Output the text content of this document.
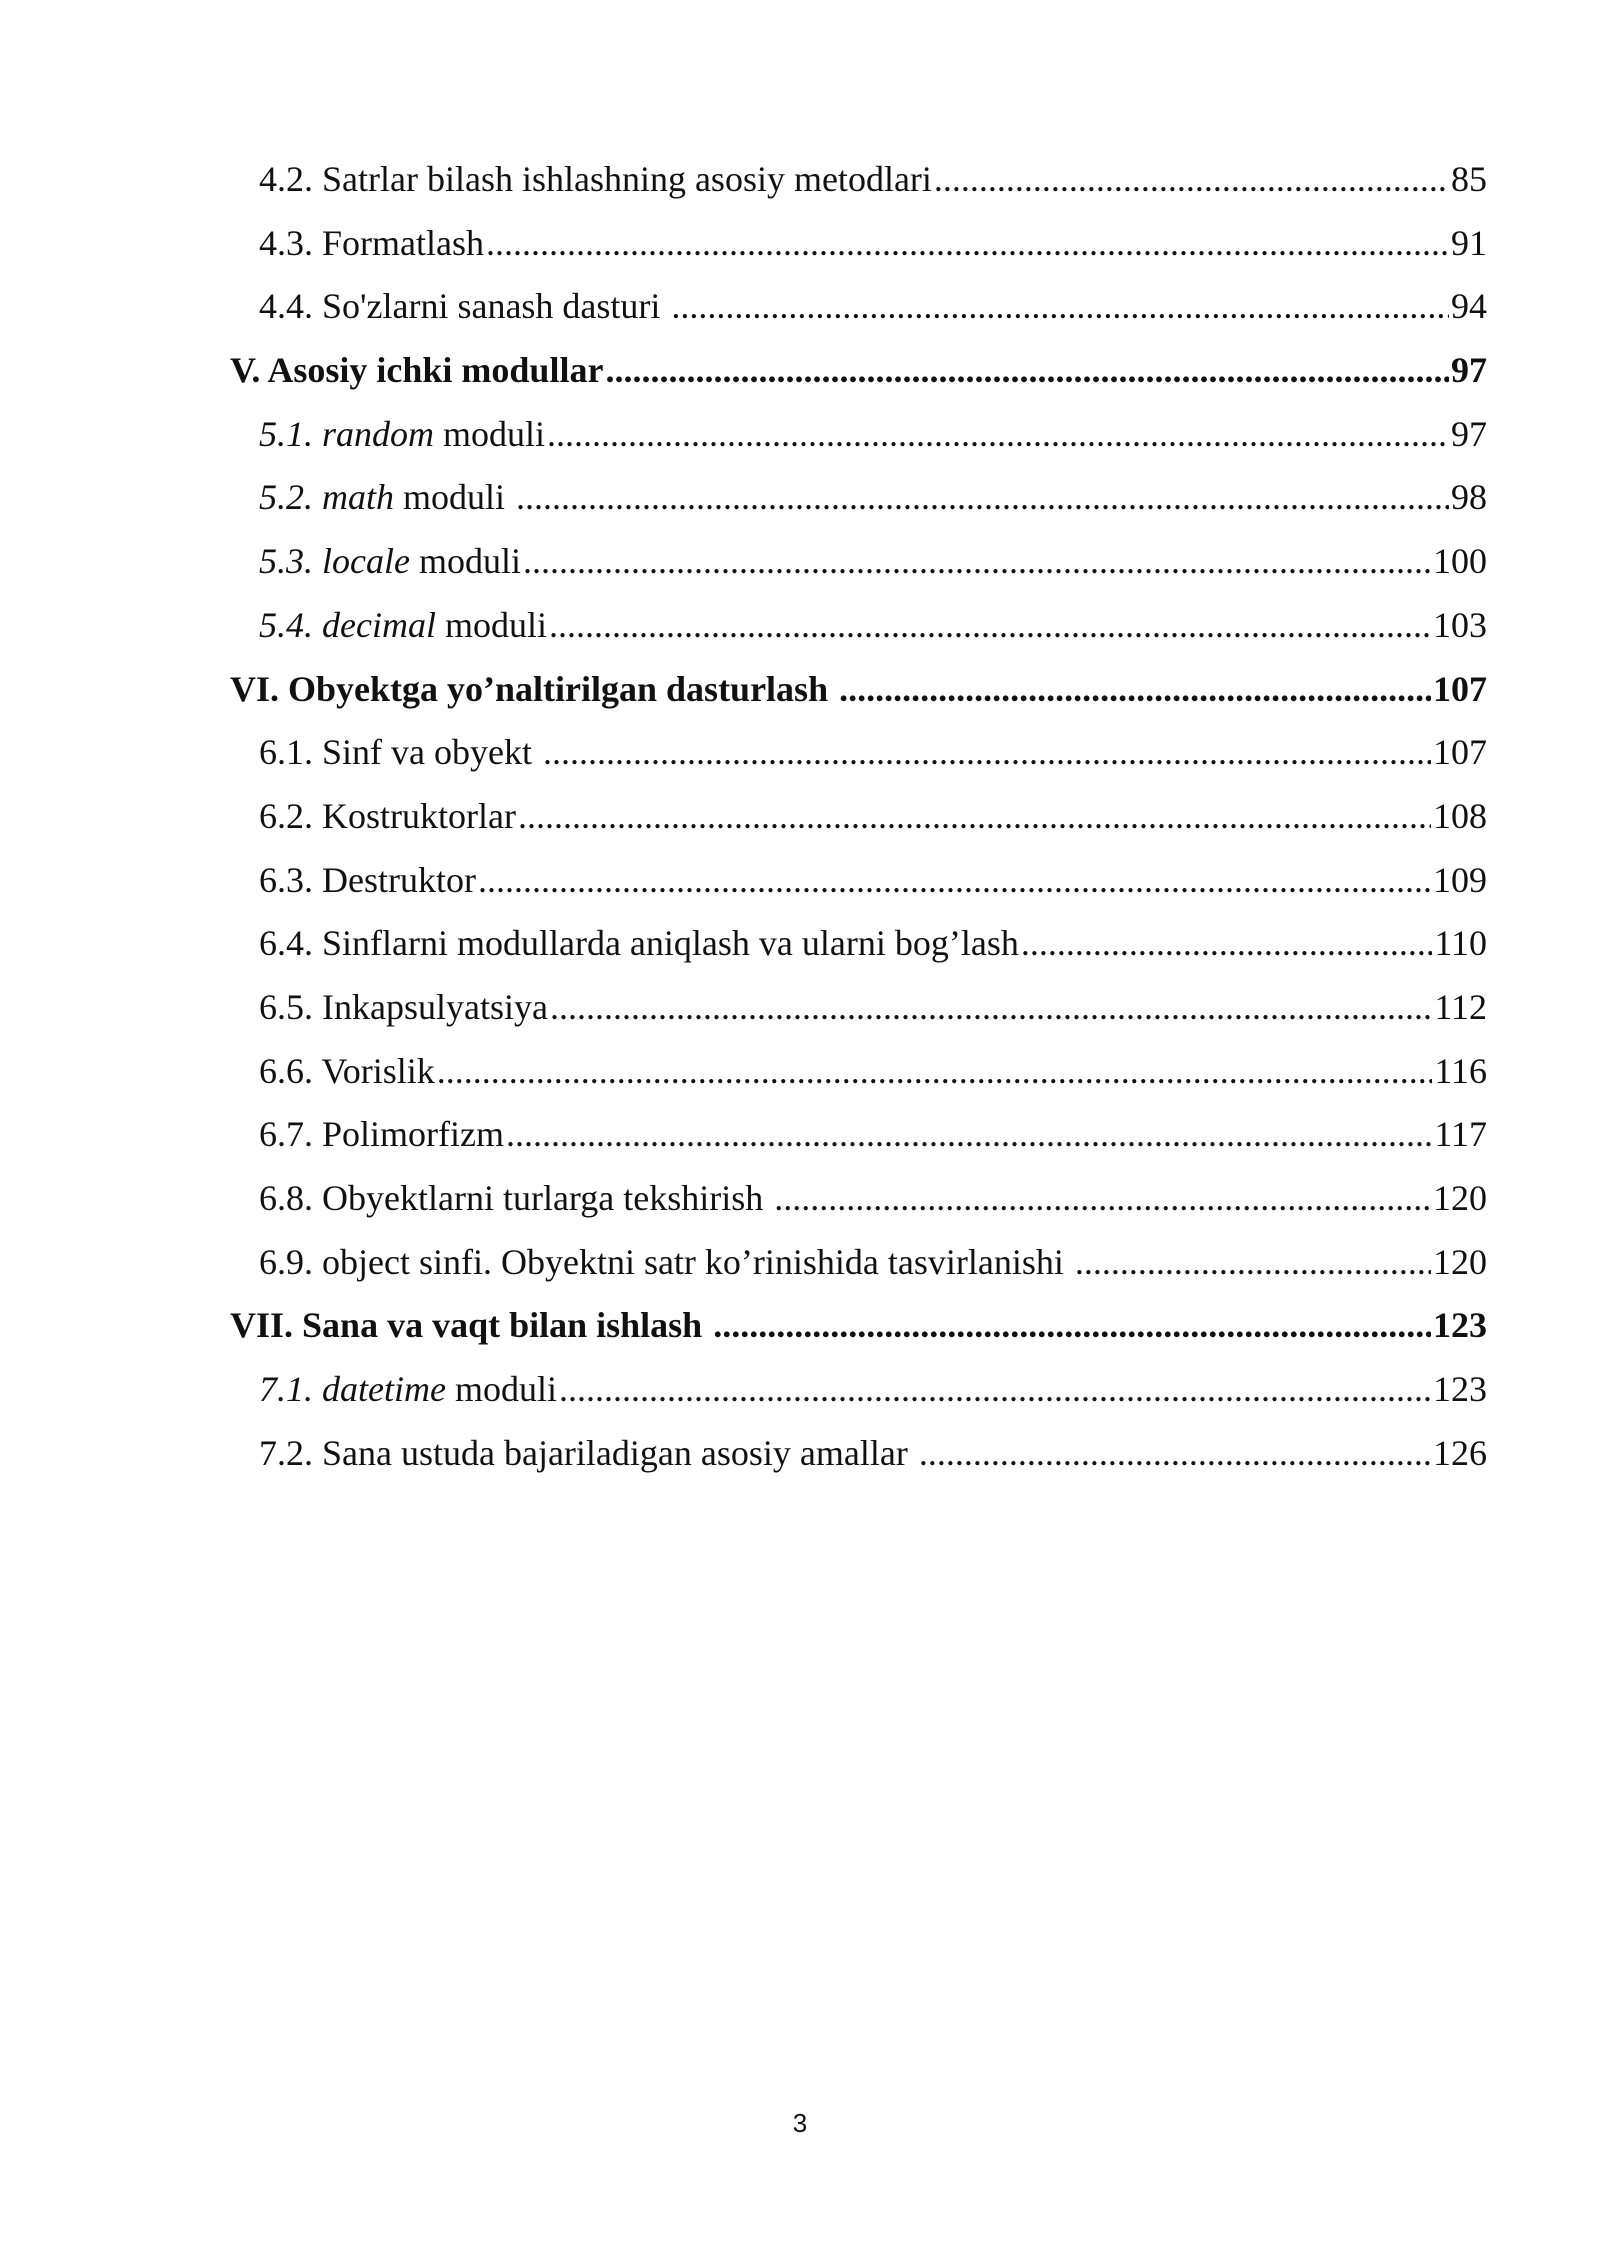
4.2. Satrlar bilash ishlashning asosiy metodlari .....	85
4.3. Formatlash .....	91
4.4. So'zlarni sanash dasturi .....	94
V. Asosiy ichki modullar .....	97
5.1. random moduli .....	97
5.2. math moduli .....	98
5.3. locale moduli .....	100
5.4. decimal moduli .....	103
VI. Obyektga yo’naltirilgan dasturlash .....	107
6.1. Sinf va obyekt .....	107
6.2. Kostruktorlar .....	108
6.3. Destruktor .....	109
6.4. Sinflarni modullarda aniqlash va ularni bog’lash .....	110
6.5. Inkapsulyatsiya .....	112
6.6. Vorislik .....	116
6.7. Polimorfizm .....	117
6.8. Obyektlarni turlarga tekshirish .....	120
6.9. object sinfi. Obyektni satr ko’rinishida tasvirlanishi .....	120
VII. Sana va vaqt bilan ishlash .....	123
7.1. datetime moduli .....	123
7.2. Sana ustuda bajariladigan asosiy amallar .....	126
3
